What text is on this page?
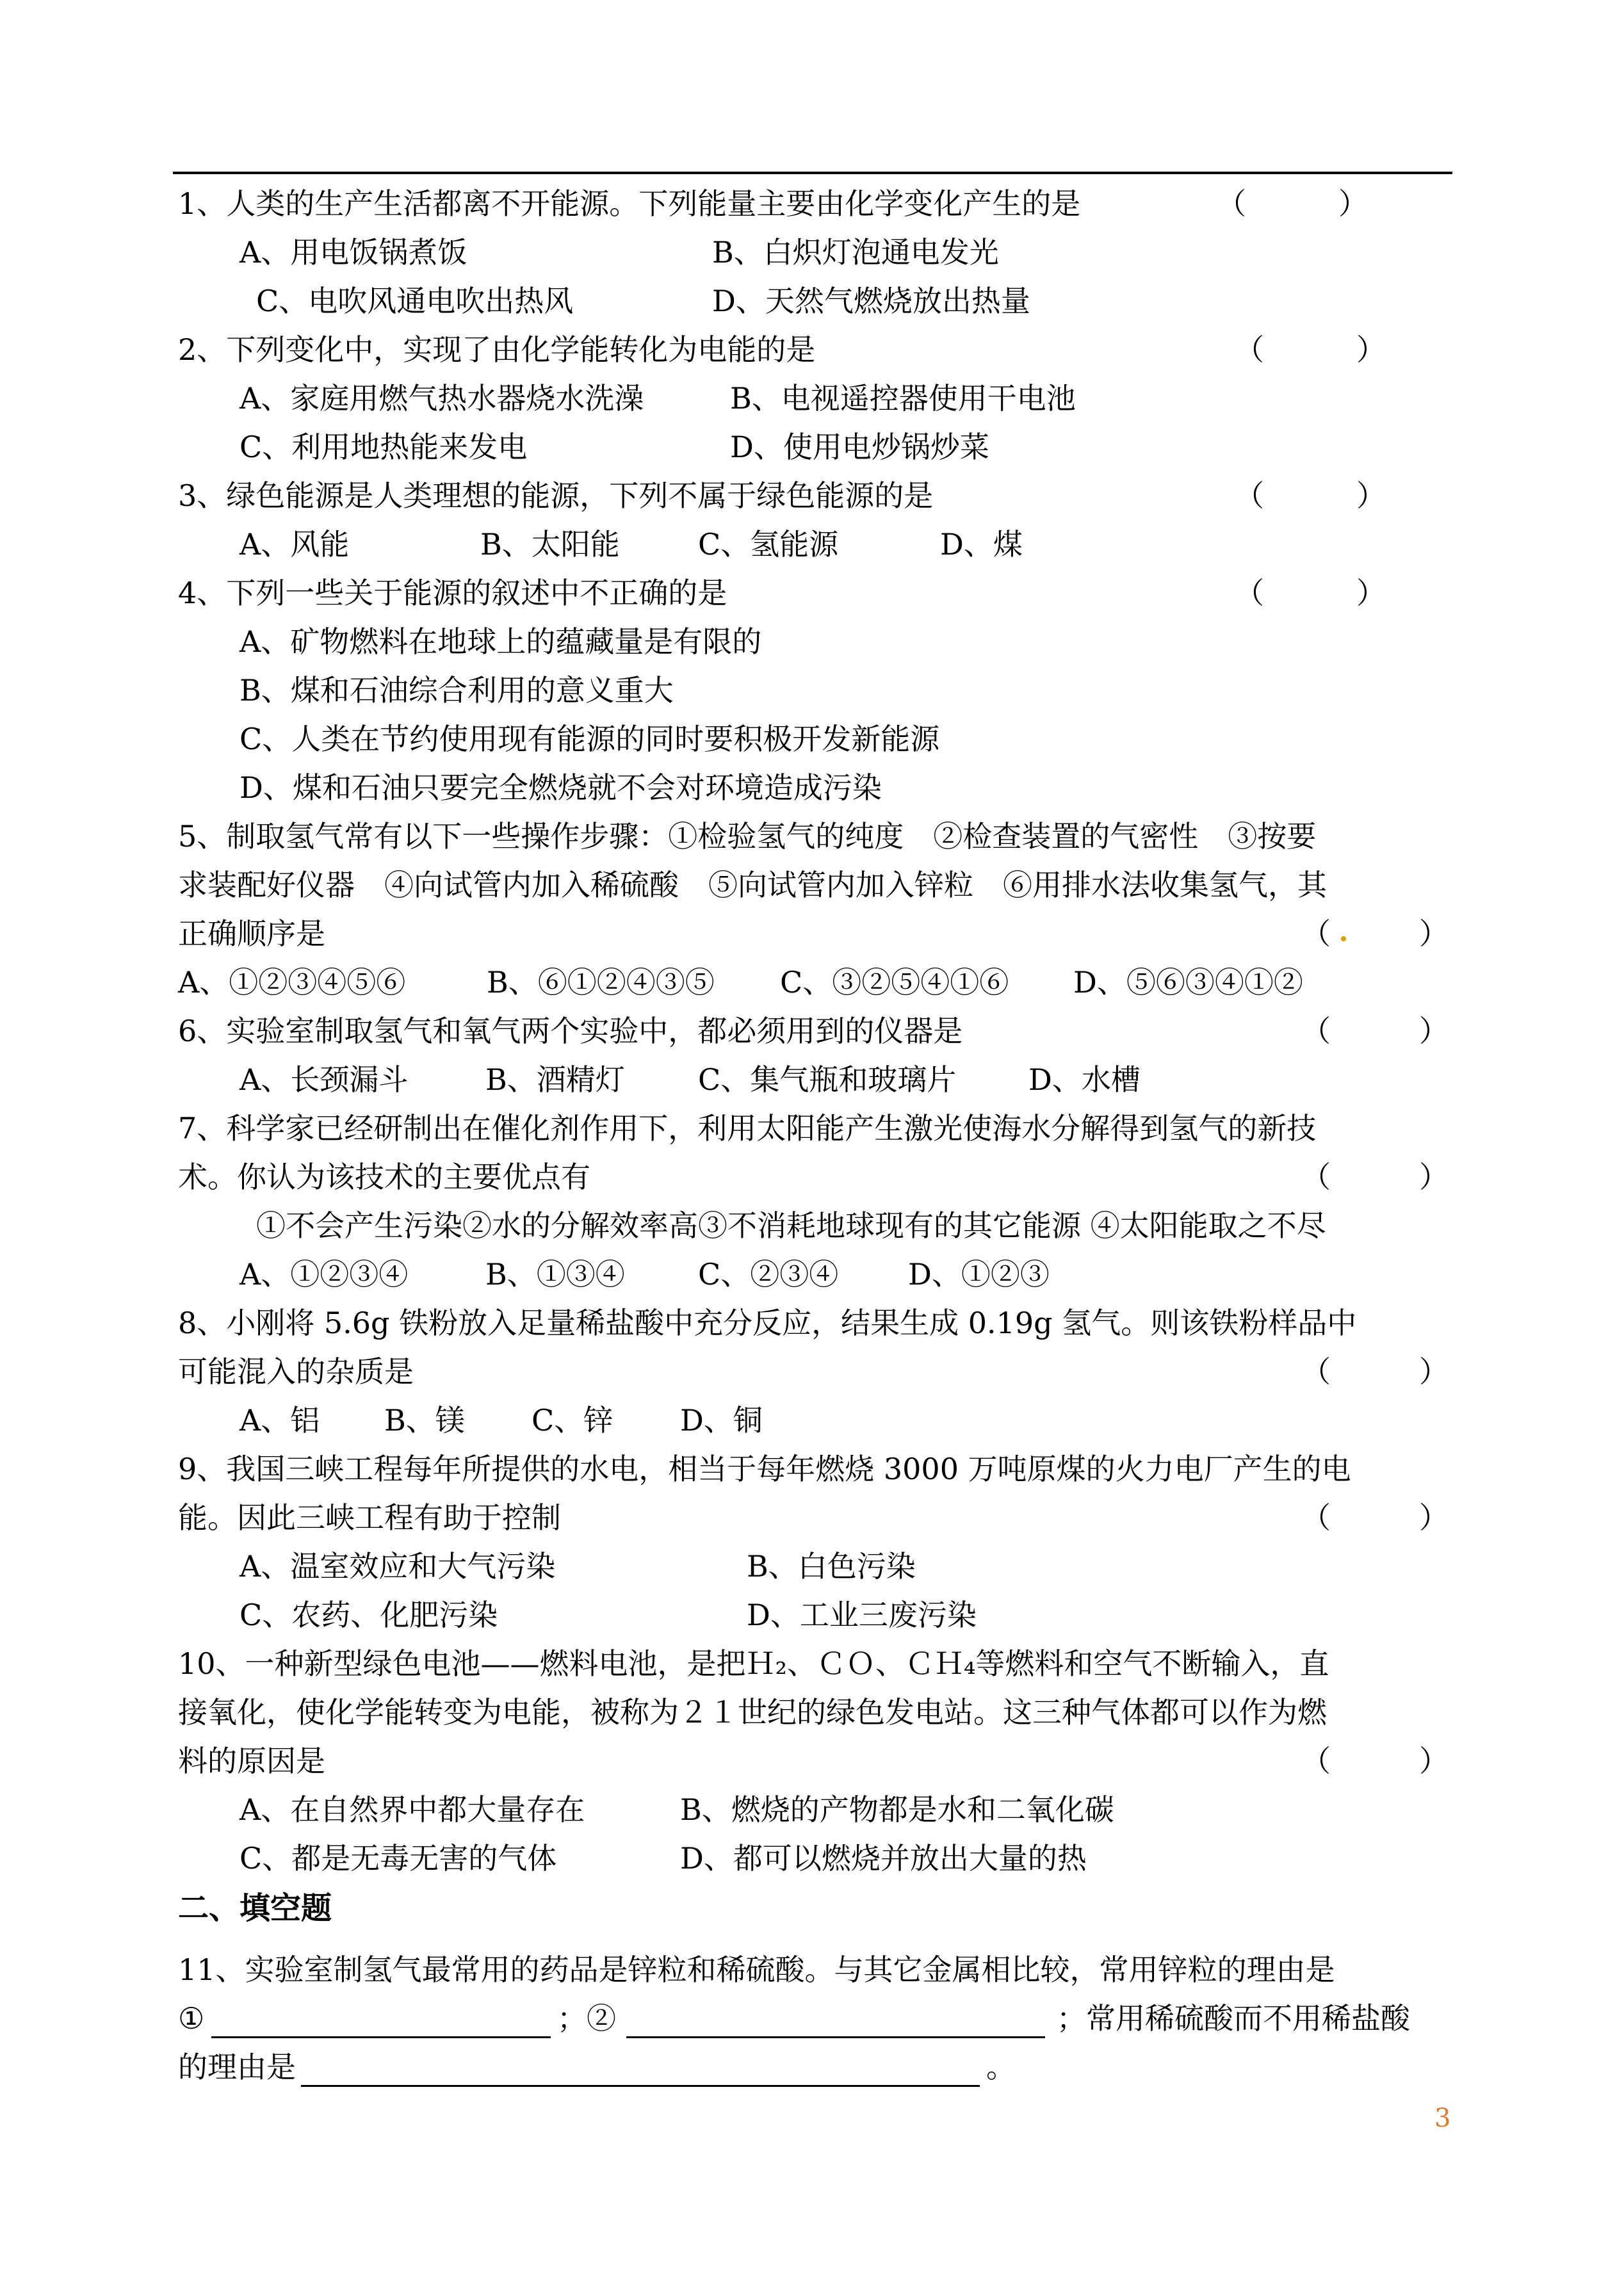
1、人类的生产生活都离不开能源。下列能量主要由化学变化产生的是	（	）
A、用电饭锅煮饭	B、白炽灯泡通电发光
C、电吹风通电吹出热风	D、天然气燃烧放出热量
2、下列变化中，实现了由化学能转化为电能的是	（	）
A、家庭用燃气热水器烧水洗澡	B、电视遥控器使用干电池
C、利用地热能来发电	D、使用电炒锅炒菜
3、绿色能源是人类理想的能源，下列不属于绿色能源的是	（	）
A、风能	B、太阳能	C、氢能源	D、煤
4、下列一些关于能源的叙述中不正确的是	（	）
A、矿物燃料在地球上的蕴藏量是有限的
B、煤和石油综合利用的意义重大
C、人类在节约使用现有能源的同时要积极开发新能源
D、煤和石油只要完全燃烧就不会对环境造成污染
5、制取氢气常有以下一些操作步骤：①检验氢气的纯度　②检查装置的气密性　③按要
求装配好仪器　④向试管内加入稀硫酸　⑤向试管内加入锌粒　⑥用排水法收集氢气，其
正确顺序是	（	）
A、①②③④⑤⑥	B、⑥①②④③⑤ C、③②⑤④①⑥ D、⑤⑥③④①②
6、实验室制取氢气和氧气两个实验中，都必须用到的仪器是	（	）
A、长颈漏斗	B、酒精灯 C、集气瓶和玻璃片 D、水槽
7、科学家已经研制出在催化剂作用下，利用太阳能产生激光使海水分解得到氢气的新技
术。你认为该技术的主要优点有	（	）
①不会产生污染②水的分解效率高③不消耗地球现有的其它能源 ④太阳能取之不尽
A、①②③④	B、①③④ C、②③④ D、①②③
8、小刚将 5.6g 铁粉放入足量稀盐酸中充分反应，结果生成 0.19g 氢气。则该铁粉样品中
可能混入的杂质是	（	）
A、铝 B、镁 C、锌 D、铜
9、我国三峡工程每年所提供的水电，相当于每年燃烧 3000 万吨原煤的火力电厂产生的电
能。因此三峡工程有助于控制	（	）
A、温室效应和大气污染	B、白色污染
C、农药、化肥污染	D、工业三废污染
10、一种新型绿色电池——燃料电池，是把Ｈ₂、ＣＯ、ＣＨ₄等燃料和空气不断输入，直
接氧化，使化学能转变为电能，被称为２１世纪的绿色发电站。这三种气体都可以作为燃
料的原因是	（	）
A、在自然界中都大量存在	B、燃烧的产物都是水和二氧化碳
C、都是无毒无害的气体	D、都可以燃烧并放出大量的热
二、填空题
11、实验室制氢气最常用的药品是锌粒和稀硫酸。与其它金属相比较，常用锌粒的理由是
①	；②	；常用稀硫酸而不用稀盐酸
的理由是	。
3
